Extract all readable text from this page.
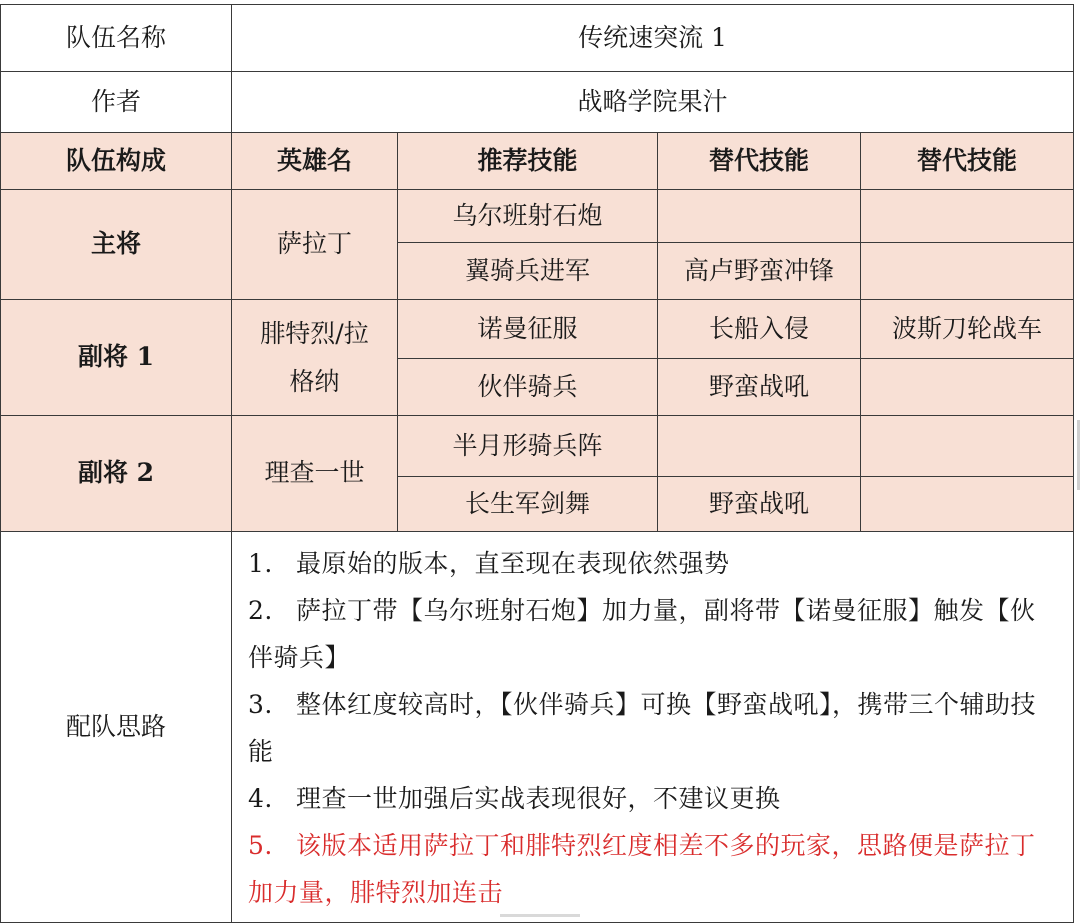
队伍名称	传统速突流 1			
作者	战略学院果汁			
队伍构成	英雄名	推荐技能	替代技能	替代技能
主将	萨拉丁	乌尔班射石炮		
		翼骑兵进军	高卢野蛮冲锋	
副将 1	腓特烈/拉格纳	诺曼征服	长船入侵	波斯刀轮战车
		伙伴骑兵	野蛮战吼	
副将 2	理查一世	半月形骑兵阵		
		长生军剑舞	野蛮战吼	
配队思路	1. 最原始的版本，直至现在表现依然强势
2. 萨拉丁带【乌尔班射石炮】加力量，副将带【诺曼征服】触发【伙伴骑兵】
3. 整体红度较高时，【伙伴骑兵】可换【野蛮战吼】，携带三个辅助技能
4. 理查一世加强后实战表现很好，不建议更换
5. 该版本适用萨拉丁和腓特烈红度相差不多的玩家，思路便是萨拉丁加力量，腓特烈加连击			
